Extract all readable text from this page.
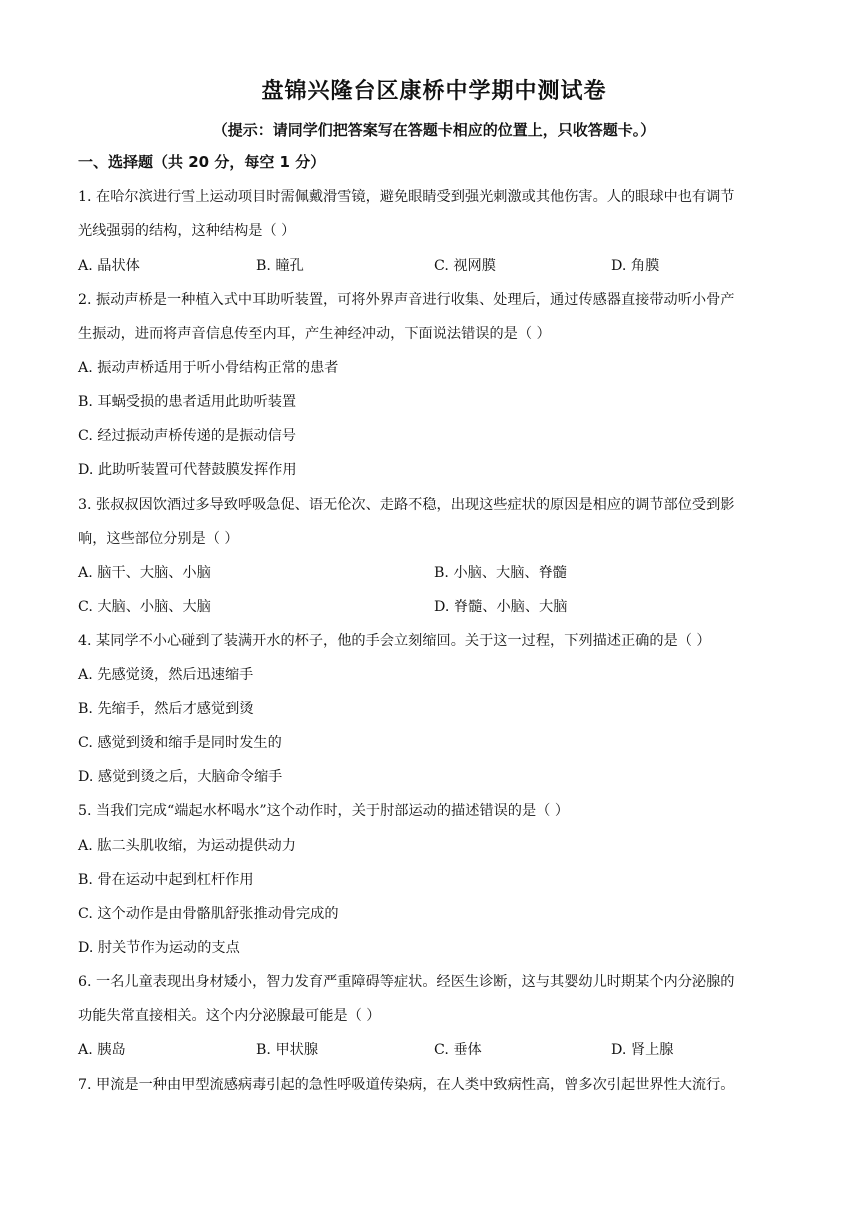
盘锦兴隆台区康桥中学期中测试卷
（提示：请同学们把答案写在答题卡相应的位置上，只收答题卡。）
一、选择题（共 20 分，每空 1 分）
1. 在哈尔滨进行雪上运动项目时需佩戴滑雪镜，避免眼睛受到强光刺激或其他伤害。人的眼球中也有调节
光线强弱的结构，这种结构是（ ）
A. 晶状体	B. 瞳孔	C. 视网膜	D. 角膜
2. 振动声桥是一种植入式中耳助听装置，可将外界声音进行收集、处理后，通过传感器直接带动听小骨产
生振动，进而将声音信息传至内耳，产生神经冲动，下面说法错误的是（ ）
A. 振动声桥适用于听小骨结构正常的患者
B. 耳蜗受损的患者适用此助听装置
C. 经过振动声桥传递的是振动信号
D. 此助听装置可代替鼓膜发挥作用
3. 张叔叔因饮酒过多导致呼吸急促、语无伦次、走路不稳，出现这些症状的原因是相应的调节部位受到影
响，这些部位分别是（ ）
A. 脑干、大脑、小脑	B. 小脑、大脑、脊髓
C. 大脑、小脑、大脑	D. 脊髓、小脑、大脑
4. 某同学不小心碰到了装满开水的杯子，他的手会立刻缩回。关于这一过程，下列描述正确的是（ ）
A. 先感觉烫，然后迅速缩手
B. 先缩手，然后才感觉到烫
C. 感觉到烫和缩手是同时发生的
D. 感觉到烫之后，大脑命令缩手
5. 当我们完成“端起水杯喝水”这个动作时，关于肘部运动的描述错误的是（ ）
A. 肱二头肌收缩，为运动提供动力
B. 骨在运动中起到杠杆作用
C. 这个动作是由骨骼肌舒张推动骨完成的
D. 肘关节作为运动的支点
6. 一名儿童表现出身材矮小，智力发育严重障碍等症状。经医生诊断，这与其婴幼儿时期某个内分泌腺的
功能失常直接相关。这个内分泌腺最可能是（ ）
A. 胰岛	B. 甲状腺	C. 垂体	D. 肾上腺
7. 甲流是一种由甲型流感病毒引起的急性呼吸道传染病，在人类中致病性高，曾多次引起世界性大流行。
